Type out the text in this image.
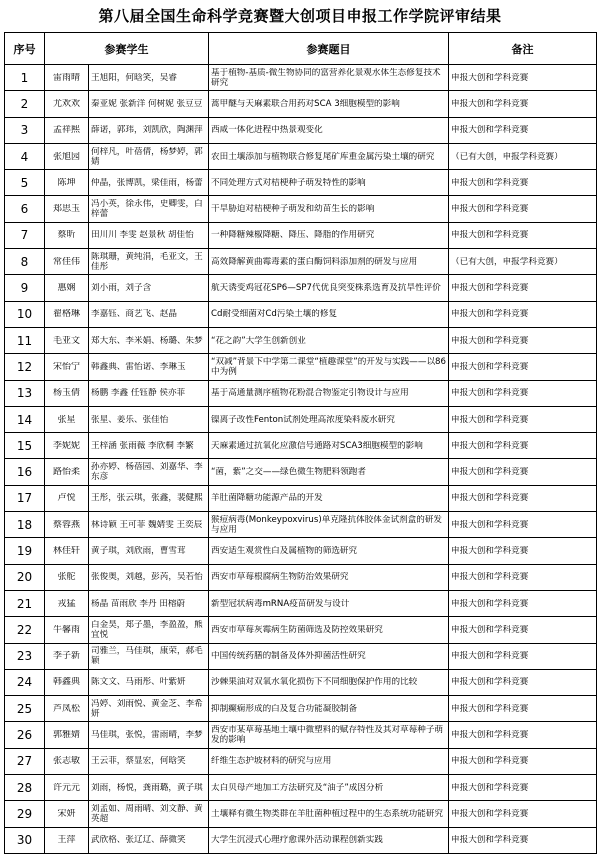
第八届全国生命科学竞赛暨大创项目申报工作学院评审结果
序号	参赛学生		参赛题目	备注

1	雷雨晴	王旭阳，何晗笑，吴睿	基于植物-基质-微生物协同的富营养化景观水体生态修复技术研究	申报大创和学科竞赛

2	尤欢欢	秦亚妮 张新洋 何树妮 张豆豆	蒿甲醚与天麻素联合用药对SCA 3细胞模型的影响	申报大创和学科竞赛

3	孟祥熙	薛诺，郭玮，刘凯欣，陶渊萍	西咸一体化进程中热景观变化	申报大创和学科竞赛

4	张旭园	何梓凡，叶蓓倩，杨梦婷，郭婧	农田土壤添加与植物联合修复尾矿库重金属污染土壤的研究	（已有大创，申报学科竞赛）

5	陈坤	仲晶，张博凯，梁佳雨，杨蕾	不同处理方式对桔梗种子萌发特性的影响	申报大创和学科竞赛

6	郑思玉	冯小英，徐永伟，史卿雯，白梓蕾	干旱胁迫对桔梗种子萌发和幼苗生长的影响	申报大创和学科竞赛

7	蔡昕	田川川 李雯 赵景秋 胡佳怡	一种降糖辣椒降糖、降压、降脂的作用研究	申报大创和学科竞赛

8	常佳伟	陈琪珊，黄纯涓，毛亚文，王佳彤	高效降解黄曲霉毒素的蛋白酶饲料添加剂的研发与应用	（已有大创，申报学科竞赛）

9	惠娴	刘小雨，刘子含	航天诱变鸡冠花SP6—SP7代优良突变株系选育及抗旱性评价	申报大创和学科竞赛

10	翟格琳	李嘉钰、商艺飞、赵晶	Cd耐受细菌对Cd污染土壤的修复	申报大创和学科竞赛

11	毛亚文	郑大东、李米娟、杨璐、朱梦	“花之韵”大学生创新创业	申报大创和学科竞赛

12	宋怡宁	韩鑫典、雷怡诺、李琳玉	“双减”背景下中学第二课堂“植趣课堂”的开发与实践——以86中为例	申报大创和学科竞赛

13	杨玉倩	杨鹏 李鑫 任钰静 侯亦菲	基于高通量测序植物花粉混合物鉴定引物设计与应用	申报大创和学科竞赛

14	张星	张星、姜乐、张佳怡	镍离子改性Fenton试剂处理高浓度染料废水研究	申报大创和学科竞赛

15	李妮妮	王梓涵 张雨薇 李欣桐 李繁	天麻素通过抗氧化应激信号通路对SCA3细胞模型的影响	申报大创和学科竞赛

16	路怡柔	孙亦婷、杨蓓园、刘嘉华、李东彦	“菌，紫”之交——绿色微生物肥料领跑者	申报大创和学科竞赛

17	卢悦	王彤，张云琪，张鑫，裴健熙	羊肚菌降糖功能源产品的开发	申报大创和学科竞赛

18	蔡蓉燕	林诗颖 王可菲 魏婧雯 王奕辰	猴痘病毒(Monkeypoxvirus)单克隆抗体胶体金试剂盒的研发与应用	申报大创和学科竞赛

19	林佳轩	黄子琪，刘欣雨，曹雪茸	西安适生观赏性白及属植物的筛选研究	申报大创和学科竞赛

20	张舵	张俊奥，刘越，彭芮，吴若怡	西安市草莓根腐病生物防治效果研究	申报大创和学科竞赛

21	戎猛	杨晶 苗雨欣 李丹 田榕蔚	新型冠状病毒mRNA疫苗研发与设计	申报大创和学科竞赛

22	牛馨雨	白金昊，郑子墨，李盈盈，熊宜悦	西安市草莓灰霉病生防菌筛选及防控效果研究	申报大创和学科竞赛

23	李子新	司雅兰，马佳琪，康荣，郝毛颖	中国传统药膳的制备及体外抑菌活性研究	申报大创和学科竞赛

24	韩鑫典	陈文文、马雨彤、叶紫妍	沙棘果油对双氧水氧化损伤下不同细胞保护作用的比较	申报大创和学科竞赛

25	芦凤松	冯婷、刘雨悦、黄金芝、李希妍	抑制癫痫形成的白及复合功能凝胶制备	申报大创和学科竞赛

26	郭雅婧	马佳琪，张悦，雷雨晴，李梦	西安市某草莓基地土壤中微塑料的赋存特性及其对草莓种子萌发的影响	申报大创和学科竞赛

27	张志敏	王云菲，蔡显宏，何晗笑	纤维生态护坡材料的研究与应用	申报大创和学科竞赛

28	许元元	刘雨，杨悦，龚雨璐，黄子琪	太白贝母产地加工方法研究及“油子”成因分析	申报大创和学科竞赛

29	宋妍	刘孟如、周雨晴、刘文静、黄英超	土壤释有微生物类群在羊肚菌种植过程中的生态系统功能研究	申报大创和学科竞赛

30	王萍	武欣格、张辽辽、薛微笑	大学生沉浸式心理疗愈课外活动课程创新实践	申报大创和学科竞赛
